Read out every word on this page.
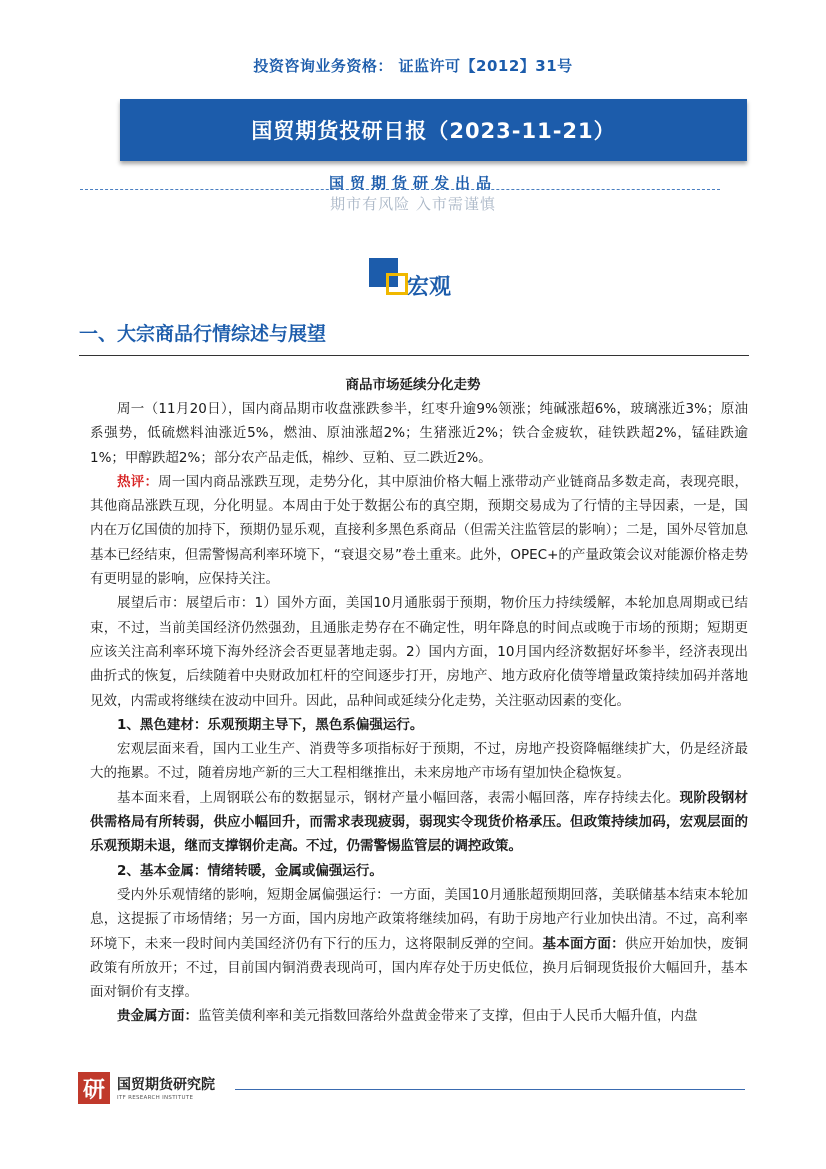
投资咨询业务资格： 证监许可【2012】31号
国贸期货投研日报（2023-11-21）
国贸期货研发出品
期市有风险 入市需谨慎
宏观
一、大宗商品行情综述与展望
商品市场延续分化走势

周一（11月20日），国内商品期市收盘涨跌参半，红枣升逾9%领涨；纯碱涨超6%，玻璃涨近3%；原油系强势，低硫燃料油涨近5%，燃油、原油涨超2%；生猪涨近2%；铁合金疲软，硅铁跌超2%，锰硅跌逾1%；甲醇跌超2%；部分农产品走低，棉纱、豆粕、豆二跌近2%。

热评：周一国内商品涨跌互现，走势分化，其中原油价格大幅上涨带动产业链商品多数走高，表现亮眼，其他商品涨跌互现，分化明显。本周由于处于数据公布的真空期，预期交易成为了行情的主导因素，一是，国内在万亿国债的加持下，预期仍显乐观，直接利多黑色系商品（但需关注监管层的影响）；二是，国外尽管加息基本已经结束，但需警惕高利率环境下，“衰退交易”卷土重来。此外，OPEC+的产量政策会议对能源价格走势有更明显的影响，应保持关注。

展望后市：展望后市：1）国外方面，美国10月通胀弱于预期，物价压力持续缓解，本轮加息周期或已结束，不过，当前美国经济仍然强劲，且通胀走势存在不确定性，明年降息的时间点或晚于市场的预期；短期更应该关注高利率环境下海外经济会否更显著地走弱。2）国内方面，10月国内经济数据好坏参半，经济表现出曲折式的恢复，后续随着中央财政加杠杆的空间逐步打开，房地产、地方政府化债等增量政策持续加码并落地见效，内需或将继续在波动中回升。因此，品种间或延续分化走势，关注驱动因素的变化。

1、黑色建材：乐观预期主导下，黑色系偏强运行。

宏观层面来看，国内工业生产、消费等多项指标好于预期，不过，房地产投资降幅继续扩大，仍是经济最大的拖累。不过，随着房地产新的三大工程相继推出，未来房地产市场有望加快企稳恢复。

基本面来看，上周钢联公布的数据显示，钢材产量小幅回落，表需小幅回落，库存持续去化。现阶段钢材供需格局有所转弱，供应小幅回升，而需求表现疲弱，弱现实令现货价格承压。但政策持续加码，宏观层面的乐观预期未退，继而支撑钢价走高。不过，仍需警惕监管层的调控政策。

2、基本金属：情绪转暖，金属或偏强运行。

受内外乐观情绪的影响，短期金属偏强运行：一方面，美国10月通胀超预期回落，美联储基本结束本轮加息，这提振了市场情绪；另一方面，国内房地产政策将继续加码，有助于房地产行业加快出清。不过，高利率环境下，未来一段时间内美国经济仍有下行的压力，这将限制反弹的空间。基本面方面：供应开始加快，废铜政策有所放开；不过，目前国内铜消费表现尚可，国内库存处于历史低位，换月后铜现货报价大幅回升，基本面对铜价有支撑。

贵金属方面：监管美债利率和美元指数回落给外盘黄金带来了支撑，但由于人民币大幅升值，内盘

研 国贸期货研究院
ITF RESEARCH INSTITUTE
